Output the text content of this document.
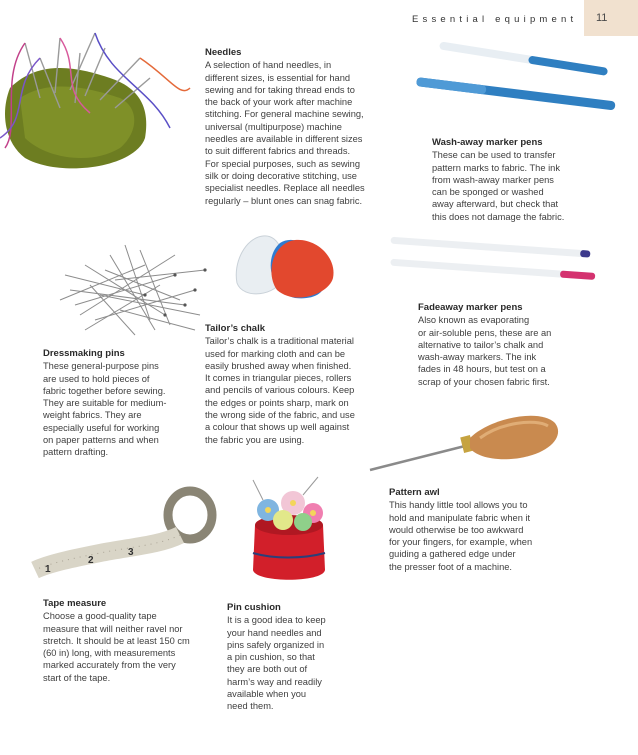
Essential equipment 11
Needles

A selection of hand needles, in
different sizes, is essential for hand
sewing and for taking thread ends to
the back of your work after machine
stitching. For general machine sewing,
universal (multipurpose) machine
needles are available in different sizes
to suit different fabrics and threads.
For special purposes, such as sewing
silk or doing decorative stitching, use
specialist needles. Replace all needles
regularly – blunt ones can snag fabric.

Wash-away marker pens

These can be used to transfer
pattern marks to fabric. The ink
from wash-away marker pens
can be sponged or washed
away afterward, but check that
this does not damage the fabric.

Fadeaway marker pens

Also known as evaporating
or air-soluble pens, these are an
alternative to tailor’s chalk and
wash-away markers. The ink
fades in 48 hours, but test on a
scrap of your chosen fabric first.

Tailor’s chalk

Tailor’s chalk is a traditional material
used for marking cloth and can be
easily brushed away when finished.
It comes in triangular pieces, rollers
and pencils of various colours. Keep
the edges or points sharp, mark on
the wrong side of the fabric, and use
a colour that shows up well against
the fabric you are using.

Dressmaking pins

These general-purpose pins
are used to hold pieces of
fabric together before sewing.
They are suitable for medium-
weight fabrics. They are
especially useful for working
on paper patterns and when
pattern drafting.

Pattern awl

This handy little tool allows you to
hold and manipulate fabric when it
would otherwise be too awkward
for your fingers, for example, when
guiding a gathered edge under
the presser foot of a machine.

1
2
3
Tape measure

Choose a good-quality tape
measure that will neither ravel nor
stretch. It should be at least 150 cm
(60 in) long, with measurements
marked accurately from the very
start of the tape.

Pin cushion

It is a good idea to keep
your hand needles and
pins safely organized in
a pin cushion, so that
they are both out of
harm’s way and readily
available when you
need them.
